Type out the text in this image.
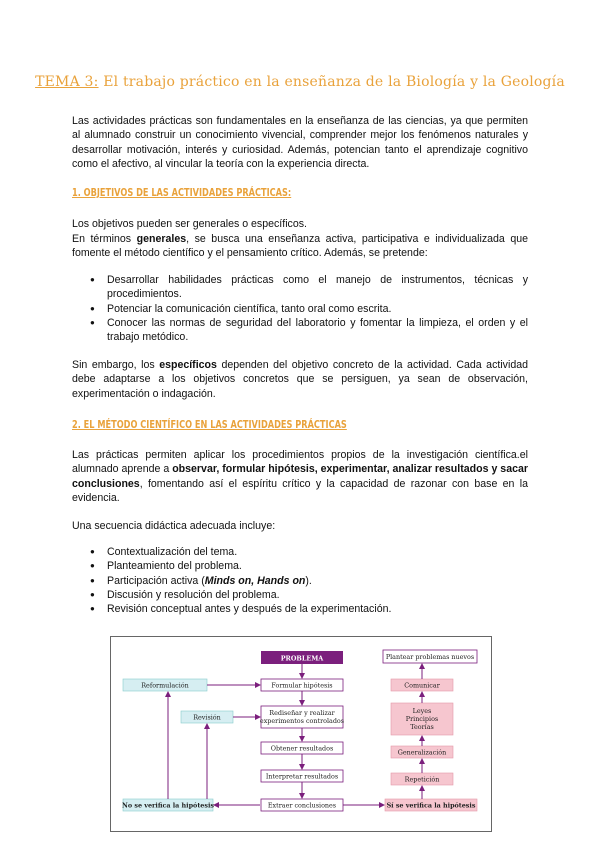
TEMA 3: El trabajo práctico en la enseñanza de la Biología y la Geología

Las actividades prácticas son fundamentales en la enseñanza de las ciencias, ya que permiten al alumnado construir un conocimiento vivencial, comprender mejor los fenómenos naturales y desarrollar motivación, interés y curiosidad. Además, potencian tanto el aprendizaje cognitivo como el afectivo, al vincular la teoría con la experiencia directa.

1. OBJETIVOS DE LAS ACTIVIDADES PRÁCTICAS:

Los objetivos pueden ser generales o específicos.

En términos generales, se busca una enseñanza activa, participativa e individualizada que fomente el método científico y el pensamiento crítico. Además, se pretende:

● Desarrollar habilidades prácticas como el manejo de instrumentos, técnicas y procedimientos.
● Potenciar la comunicación científica, tanto oral como escrita.
● Conocer las normas de seguridad del laboratorio y fomentar la limpieza, el orden y el trabajo metódico.

Sin embargo, los específicos dependen del objetivo concreto de la actividad. Cada actividad debe adaptarse a los objetivos concretos que se persiguen, ya sean de observación, experimentación o indagación.

2. EL MÉTODO CIENTÍFICO EN LAS ACTIVIDADES PRÁCTICAS

Las prácticas permiten aplicar los procedimientos propios de la investigación científica.el alumnado aprende a observar, formular hipótesis, experimentar, analizar resultados y sacar conclusiones, fomentando así el espíritu crítico y la capacidad de razonar con base en la evidencia.

Una secuencia didáctica adecuada incluye:

● Contextualización del tema.
● Planteamiento del problema.
● Participación activa (Minds on, Hands on).
● Discusión y resolución del problema.
● Revisión conceptual antes y después de la experimentación.
PROBLEMA
Formular hipótesis
Rediseñar y realizar
experimentos controlados
Obtener resultados
Interpretar resultados
Extraer conclusiones
Reformulación
Revisión
No se verifica la hipótesis
Plantear problemas nuevos
Comunicar
Leyes
Principios
Teorías
Generalización
Repetición
Sí se verifica la hipótesis
